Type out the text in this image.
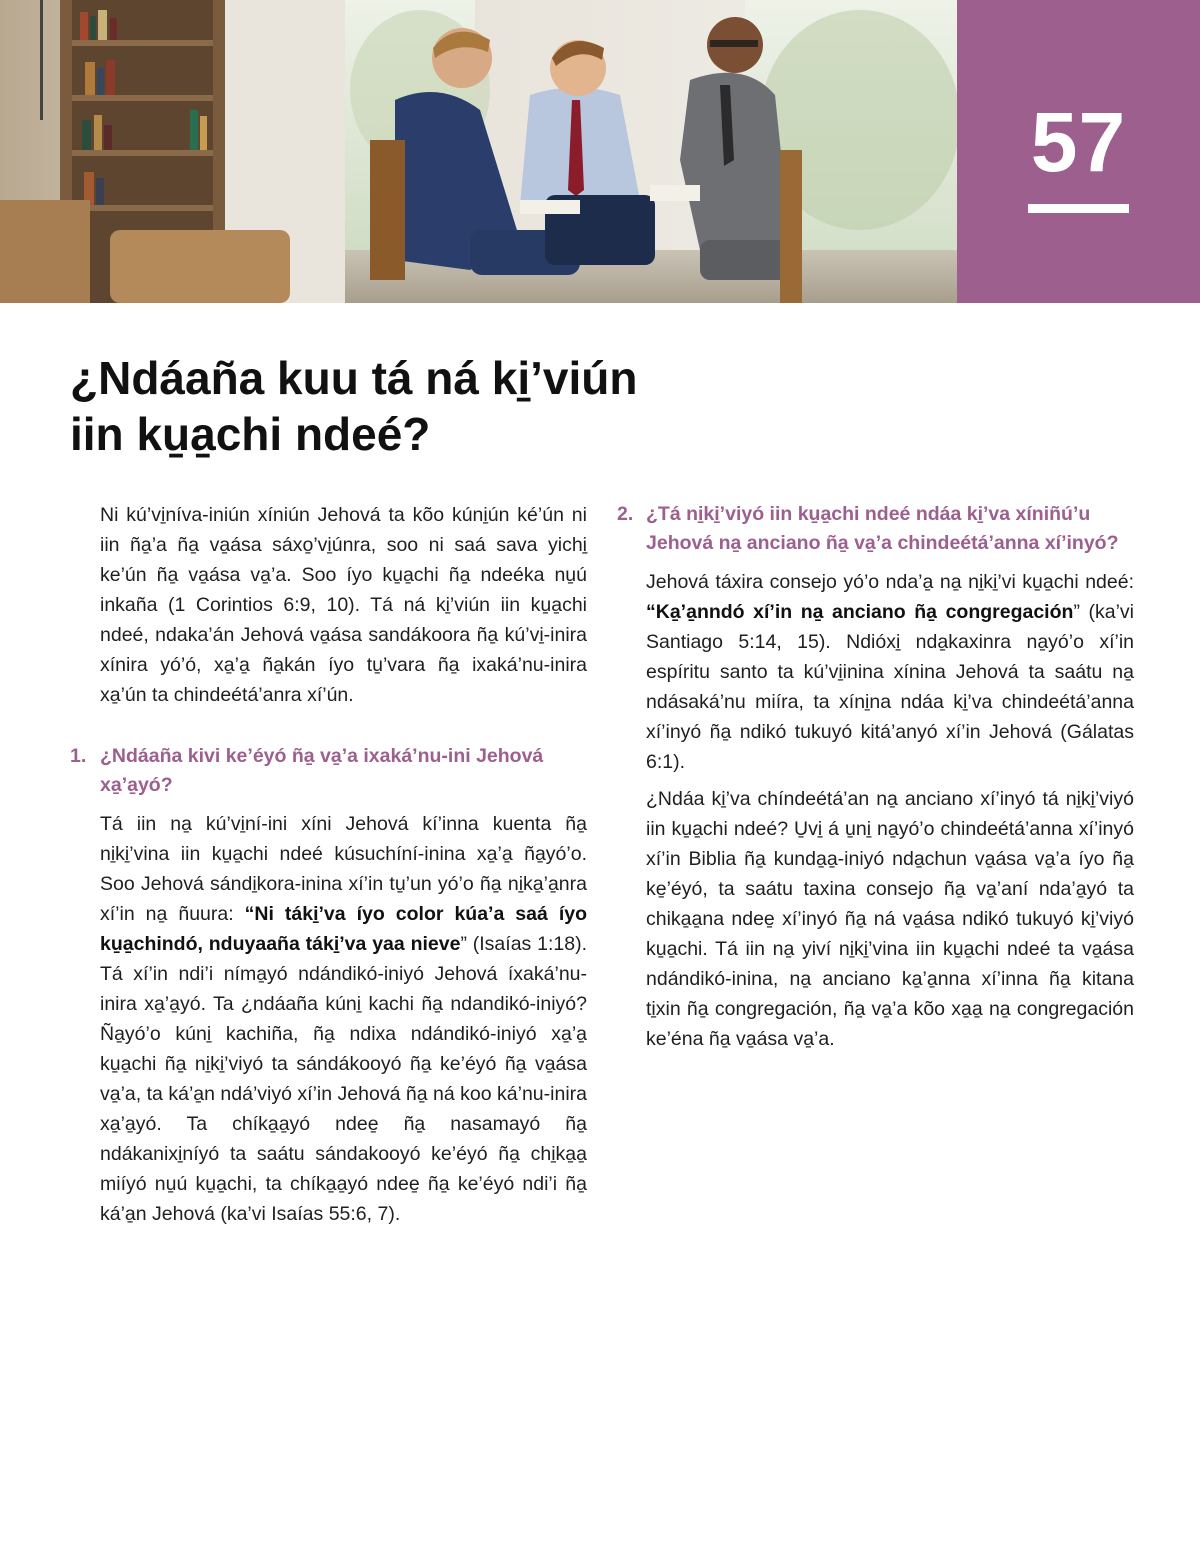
57
¿Ndáaña kuu tá ná ki̱’viún
iin ku̱a̱chi ndeé?

Ni kú’vi̱níva-iniún xíniún Jehová ta kõo kúni̱ún ké’ún ni iin ña̱’a ña̱ va̱ása sáxo̱’vi̱únra, soo ni saá sava yichi̱ ke’ún ña̱ va̱ása va̱’a. Soo íyo ku̱a̱chi ña̱ ndeéka nu̱ú inkaña (1 Corintios 6:9, 10). Tá ná ki̱’viún iin ku̱a̱chi ndeé, ndaka’án Jehová va̱ása sandákoora ña̱ kú’vi̱-inira xínira yó’ó, xa̱’a̱ ña̱kán íyo tu̱’vara ña̱ ixaká’nu-inira xa̱’ún ta chindeétá’anra xí’ún.

1. ¿Ndáaña kivi ke’éyó ña̱ va̱’a ixaká’nu-ini Jehová xa̱’a̱yó?

Tá iin na̱ kú’vi̱ní-ini xíni Jehová kí’inna kuenta ña̱ ni̱ki̱’vina iin ku̱a̱chi ndeé kúsuchíní-inina xa̱’a̱ ña̱yó’o. Soo Jehová sándi̱kora-inina xí’in tu̱’un yó’o ña̱ ni̱ka̱’a̱nra xí’in na̱ ñuura: “Ni táki̱’va íyo color kúa’a saá íyo ku̱a̱chindó, nduyaaña táki̱’va yaa nieve” (Isaías 1:18). Tá xí’in ndi’i níma̱yó ndándikó-iniyó Jehová íxaká’nu-inira xa̱’a̱yó. Ta ¿ndáaña kúni̱ kachi ña̱ ndandikó-iniyó? Ña̱yó’o kúni̱ kachiña, ña̱ ndixa ndándikó-iniyó xa̱’a̱ ku̱a̱chi ña̱ ni̱ki̱’viyó ta sándákooyó ña̱ ke’éyó ña̱ va̱ása va̱’a, ta ká’a̱n ndá’viyó xí’in Jehová ña̱ ná koo ká’nu-inira xa̱’a̱yó. Ta chíka̱a̱yó ndee̱ ña̱ nasamayó ña̱ ndákanixi̱níyó ta saátu sándakooyó ke’éyó ña̱ chi̱ka̱a̱ miíyó nu̱ú ku̱a̱chi, ta chíka̱a̱yó ndee̱ ña̱ ke’éyó ndi’i ña̱ ká’a̱n Jehová (ka’vi Isaías 55:6, 7).

2. ¿Tá ni̱ki̱’viyó iin ku̱a̱chi ndeé ndáa ki̱’va xíniñú’u Jehová na̱ anciano ña̱ va̱’a chindeétá’anna xí’inyó?

Jehová táxira consejo yó’o nda’a̱ na̱ ni̱ki̱’vi ku̱a̱chi ndeé: “Ka̱’a̱nndó xí’in na̱ anciano ña̱ congregación” (ka’vi Santiago 5:14, 15). Ndióxi̱ nda̱kaxinra na̱yó’o xí’in espíritu santo ta kú’vi̱inina xínina Jehová ta saátu na̱ ndásaká’nu miíra, ta xíni̱na ndáa ki̱’va chindeétá’anna xí’inyó ña̱ ndikó tukuyó kitá’anyó xí’in Jehová (Gálatas 6:1).

¿Ndáa ki̱’va chíndeétá’an na̱ anciano xí’inyó tá ni̱ki̱’viyó iin ku̱a̱chi ndeé? U̱vi̱ á u̱ni̱ na̱yó’o chindeétá’anna xí’inyó xí’in Biblia ña̱ kunda̱a̱-iniyó nda̱chun va̱ása va̱’a íyo ña̱ ke̱’éyó, ta saátu taxina consejo ña̱ va̱’aní nda’a̱yó ta chika̱a̱na ndee̱ xí’inyó ña̱ ná va̱ása ndikó tukuyó ki̱’viyó ku̱a̱chi. Tá iin na̱ yiví ni̱ki̱’vina iin ku̱a̱chi ndeé ta va̱ása ndándikó-inina, na̱ anciano ka̱’a̱nna xí’inna ña̱ kitana ti̱xin ña̱ congregación, ña̱ va̱’a kõo xa̱a̱ na̱ congregación ke’éna ña̱ va̱ása va̱’a.
